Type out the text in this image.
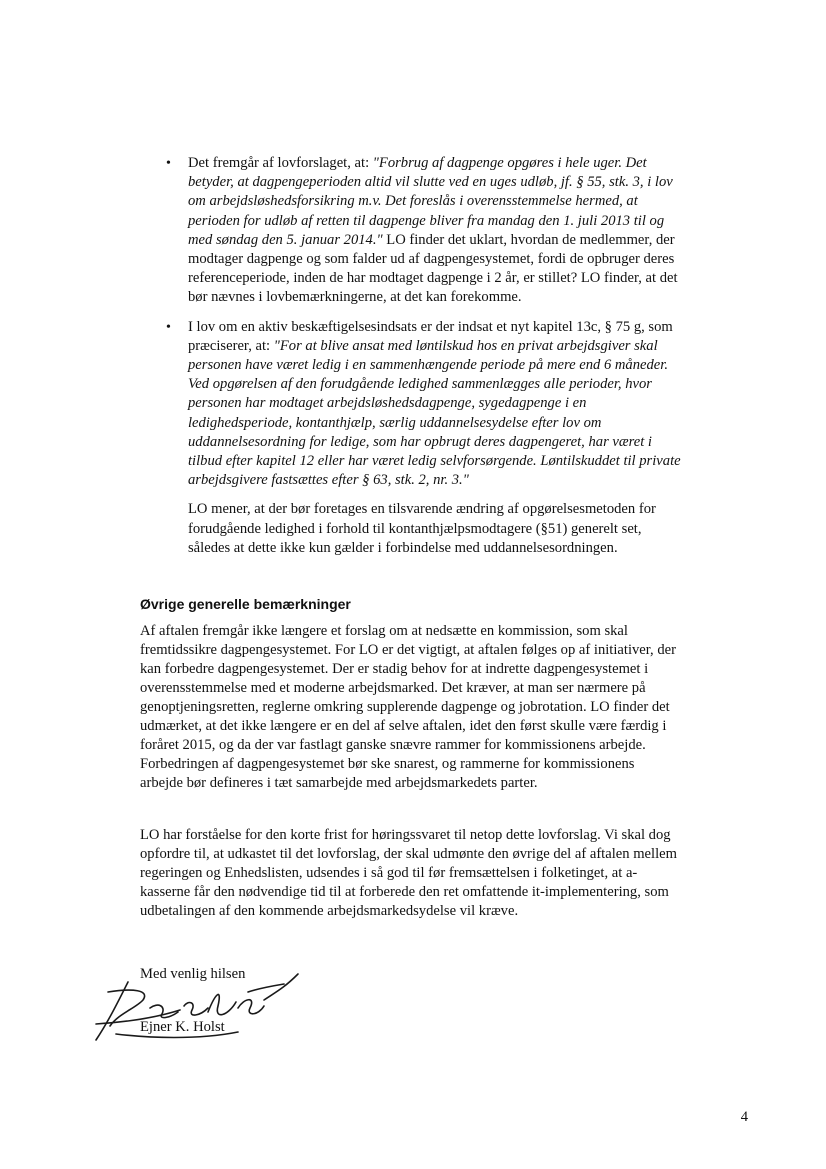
• Det fremgår af lovforslaget, at: "Forbrug af dagpenge opgøres i hele uger. Det betyder, at dagpengeperioden altid vil slutte ved en uges udløb, jf. § 55, stk. 3, i lov om arbejdsløshedsforsikring m.v. Det foreslås i overensstemmelse hermed, at perioden for udløb af retten til dagpenge bliver fra mandag den 1. juli 2013 til og med søndag den 5. januar 2014." LO finder det uklart, hvordan de medlemmer, der modtager dagpenge og som falder ud af dagpengesystemet, fordi de opbruger deres referenceperiode, inden de har modtaget dagpenge i 2 år, er stillet? LO finder, at det bør nævnes i lovbemærkningerne, at det kan forekomme.

• I lov om en aktiv beskæftigelsesindsats er der indsat et nyt kapitel 13c, § 75 g, som præciserer, at: "For at blive ansat med løntilskud hos en privat arbejdsgiver skal personen have været ledig i en sammenhængende periode på mere end 6 måneder. Ved opgørelsen af den forudgående ledighed sammenlægges alle perioder, hvor personen har modtaget arbejdsløshedsdagpenge, sygedagpenge i en ledighedsperiode, kontanthjælp, særlig uddannelsesydelse efter lov om uddannelsesordning for ledige, som har opbrugt deres dagpengeret, har været i tilbud efter kapitel 12 eller har været ledig selvforsørgende. Løntilskuddet til private arbejdsgivere fastsættes efter § 63, stk. 2, nr. 3."

LO mener, at der bør foretages en tilsvarende ændring af opgørelsesmetoden for forudgående ledighed i forhold til kontanthjælpsmodtagere (§51) generelt set, således at dette ikke kun gælder i forbindelse med uddannelsesordningen.

Øvrige generelle bemærkninger

Af aftalen fremgår ikke længere et forslag om at nedsætte en kommission, som skal fremtidssikre dagpengesystemet. For LO er det vigtigt, at aftalen følges op af initiativer, der kan forbedre dagpengesystemet. Der er stadig behov for at indrette dagpengesystemet i overensstemmelse med et moderne arbejdsmarked. Det kræver, at man ser nærmere på genoptjeningsretten, reglerne omkring supplerende dagpenge og jobrotation. LO finder det udmærket, at det ikke længere er en del af selve aftalen, idet den først skulle være færdig i foråret 2015, og da der var fastlagt ganske snævre rammer for kommissionens arbejde. Forbedringen af dagpengesystemet bør ske snarest, og rammerne for kommissionens arbejde bør defineres i tæt samarbejde med arbejdsmarkedets parter.

LO har forståelse for den korte frist for høringssvaret til netop dette lovforslag. Vi skal dog opfordre til, at udkastet til det lovforslag, der skal udmønte den øvrige del af aftalen mellem regeringen og Enhedslisten, udsendes i så god til før fremsættelsen i folketinget, at a-kasserne får den nødvendige tid til at forberede den ret omfattende it-implementering, som udbetalingen af den kommende arbejdsmarkedsydelse vil kræve.

Med venlig hilsen

Ejner K. Holst

4
